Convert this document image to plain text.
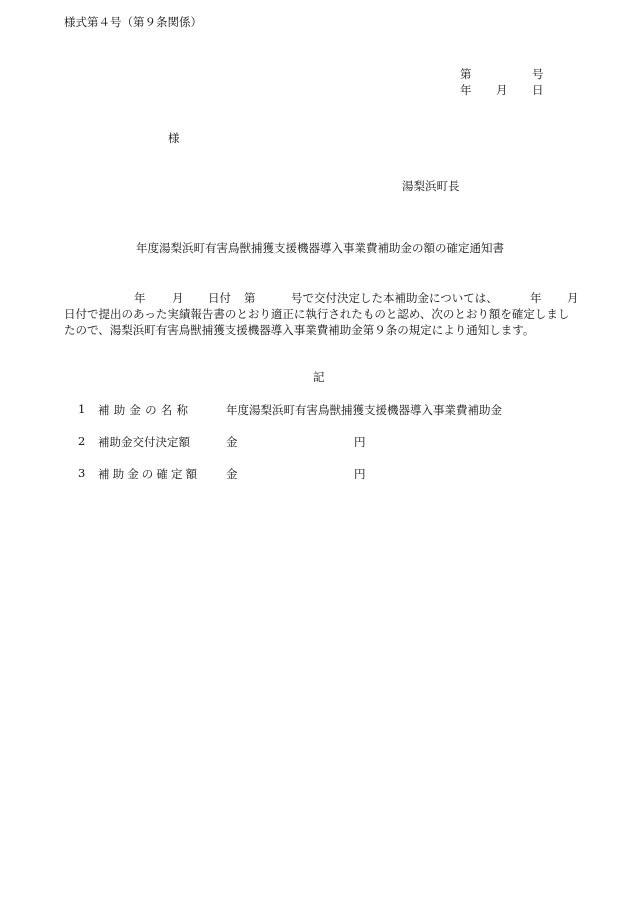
様式第４号（第９条関係）
第	号
年 月 日
様
湯梨浜町長
年度湯梨浜町有害鳥獣捕獲支援機器導入事業費補助金の額の確定通知書
年 月 日付 第	号で交付決定した本補助金については、	年 月
日付で提出のあった実績報告書のとおり適正に執行されたものと認め、次のとおり額を確定しまし
たので、湯梨浜町有害鳥獣捕獲支援機器導入事業費補助金第９条の規定により通知します。
記
1 補助金の名称	年度湯梨浜町有害鳥獣捕獲支援機器導入事業費補助金
2 補助金交付決定額	金	円
3 補助金の確定額 金	円
